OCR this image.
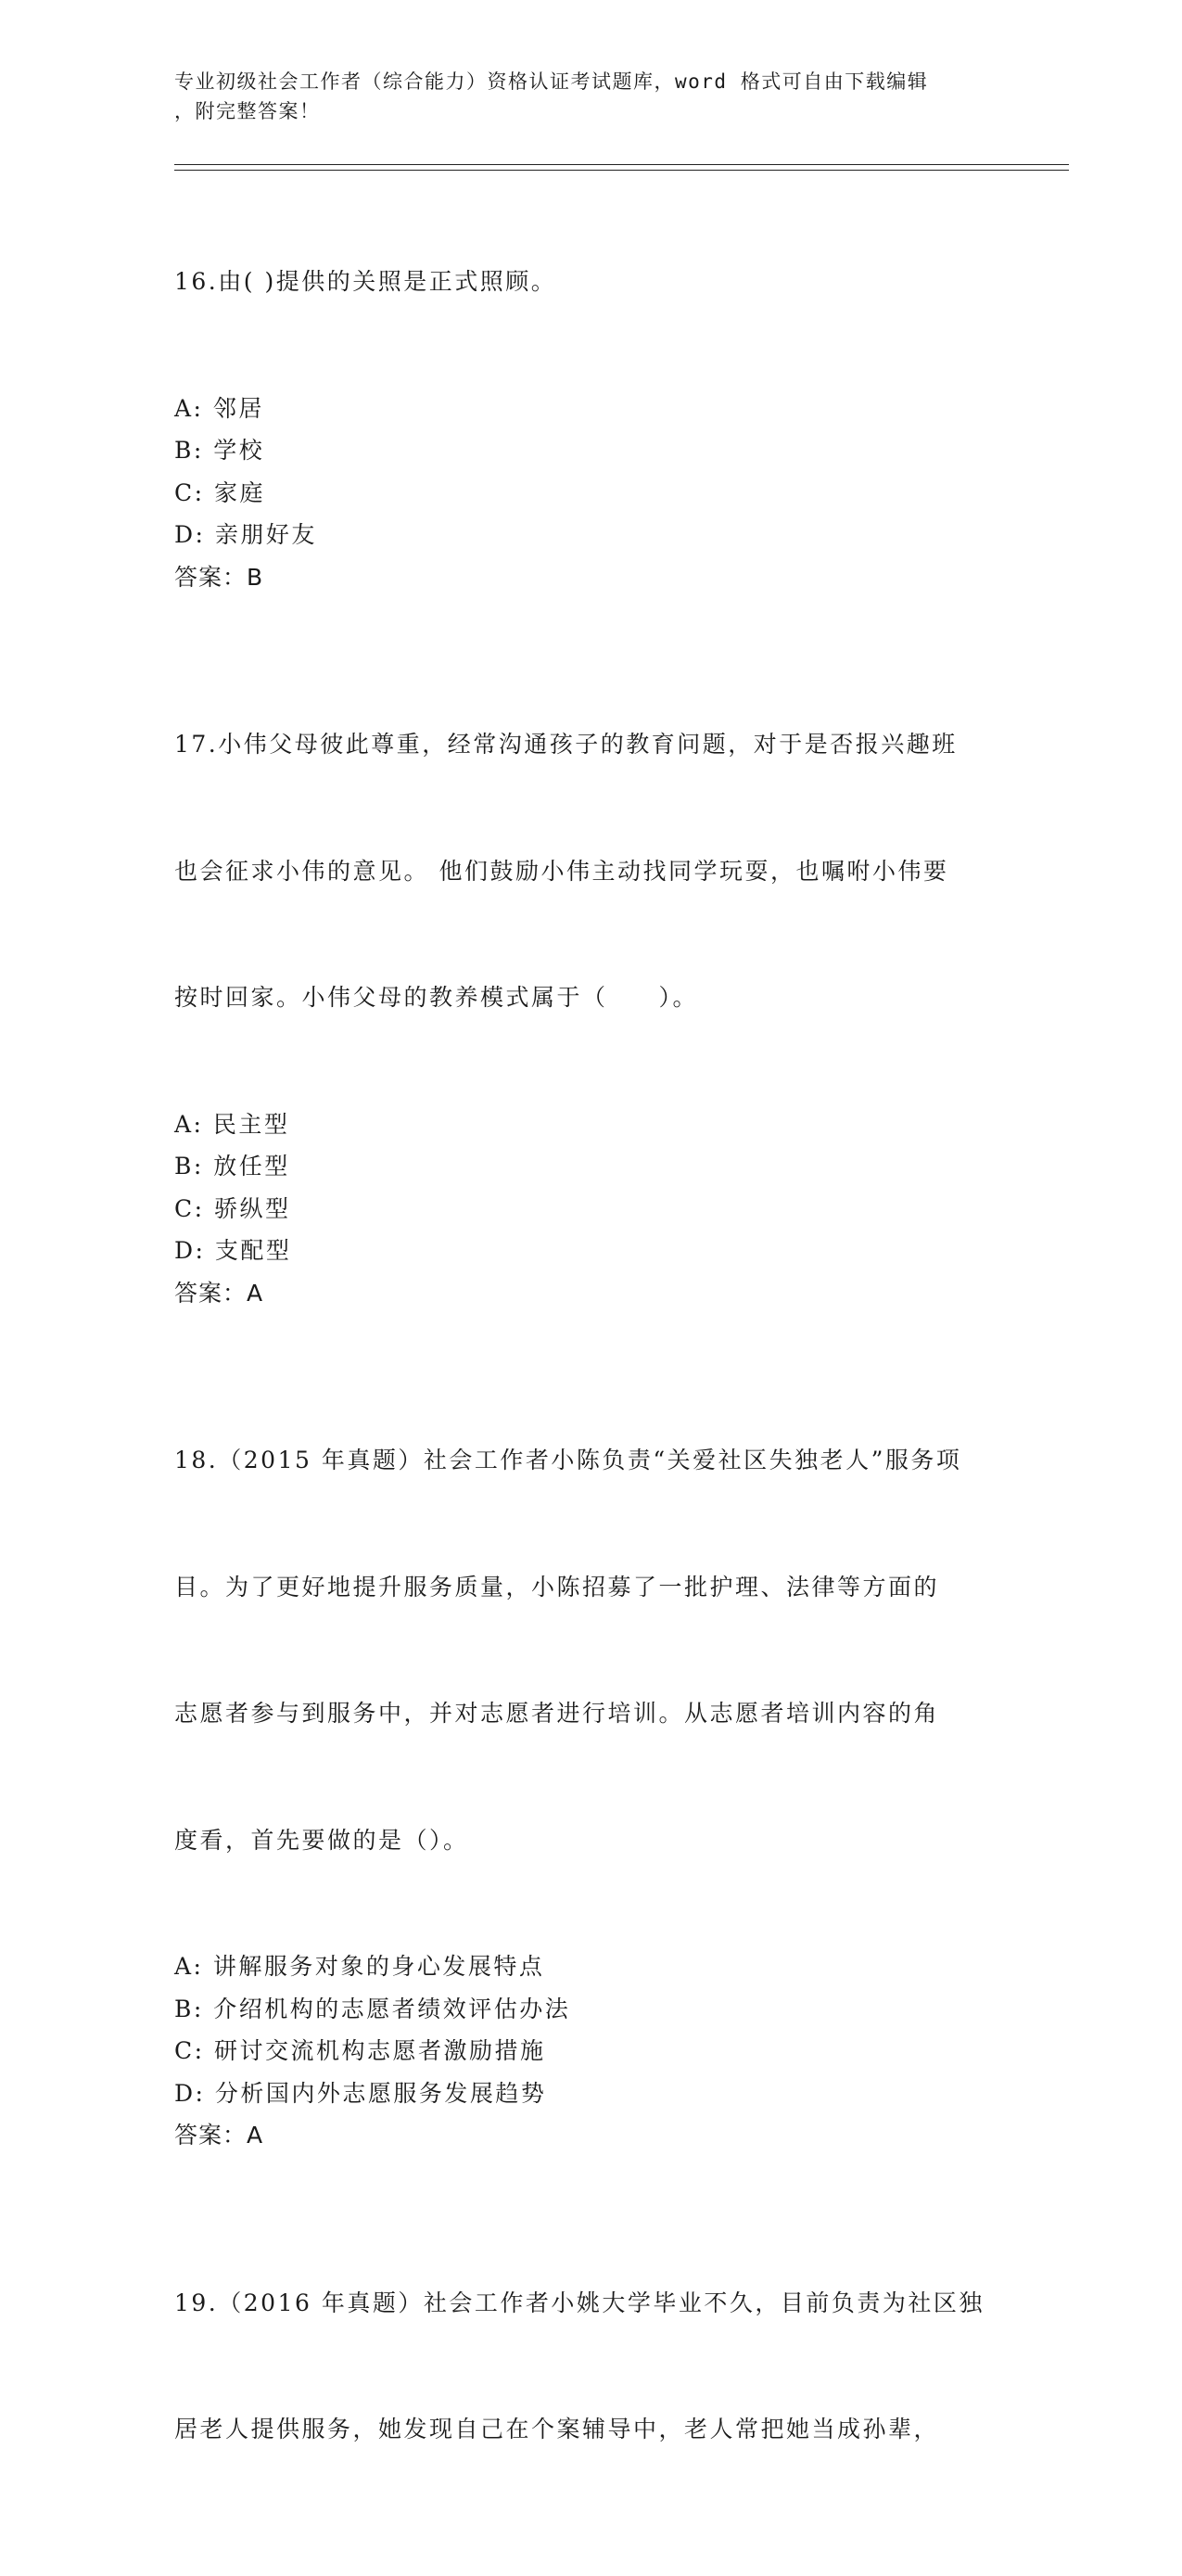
专业初级社会工作者（综合能力）资格认证考试题库，word 格式可自由下载编辑
，附完整答案！

16.由( )提供的关照是正式照顾。

A: 邻居
B: 学校
C: 家庭
D: 亲朋好友
答案：B

17.小伟父母彼此尊重，经常沟通孩子的教育问题，对于是否报兴趣班

也会征求小伟的意见。 他们鼓励小伟主动找同学玩耍，也嘱咐小伟要

按时回家。小伟父母的教养模式属于（　　）。

A: 民主型
B: 放任型
C: 骄纵型
D: 支配型
答案：A

18.（2015 年真题）社会工作者小陈负责“关爱社区失独老人”服务项

目。为了更好地提升服务质量，小陈招募了一批护理、法律等方面的

志愿者参与到服务中，并对志愿者进行培训。从志愿者培训内容的角

度看，首先要做的是（）。

A: 讲解服务对象的身心发展特点
B: 介绍机构的志愿者绩效评估办法
C: 研讨交流机构志愿者激励措施
D: 分析国内外志愿服务发展趋势
答案：A

19.（2016 年真题）社会工作者小姚大学毕业不久，目前负责为社区独

居老人提供服务，她发现自己在个案辅导中，老人常把她当成孙辈，
